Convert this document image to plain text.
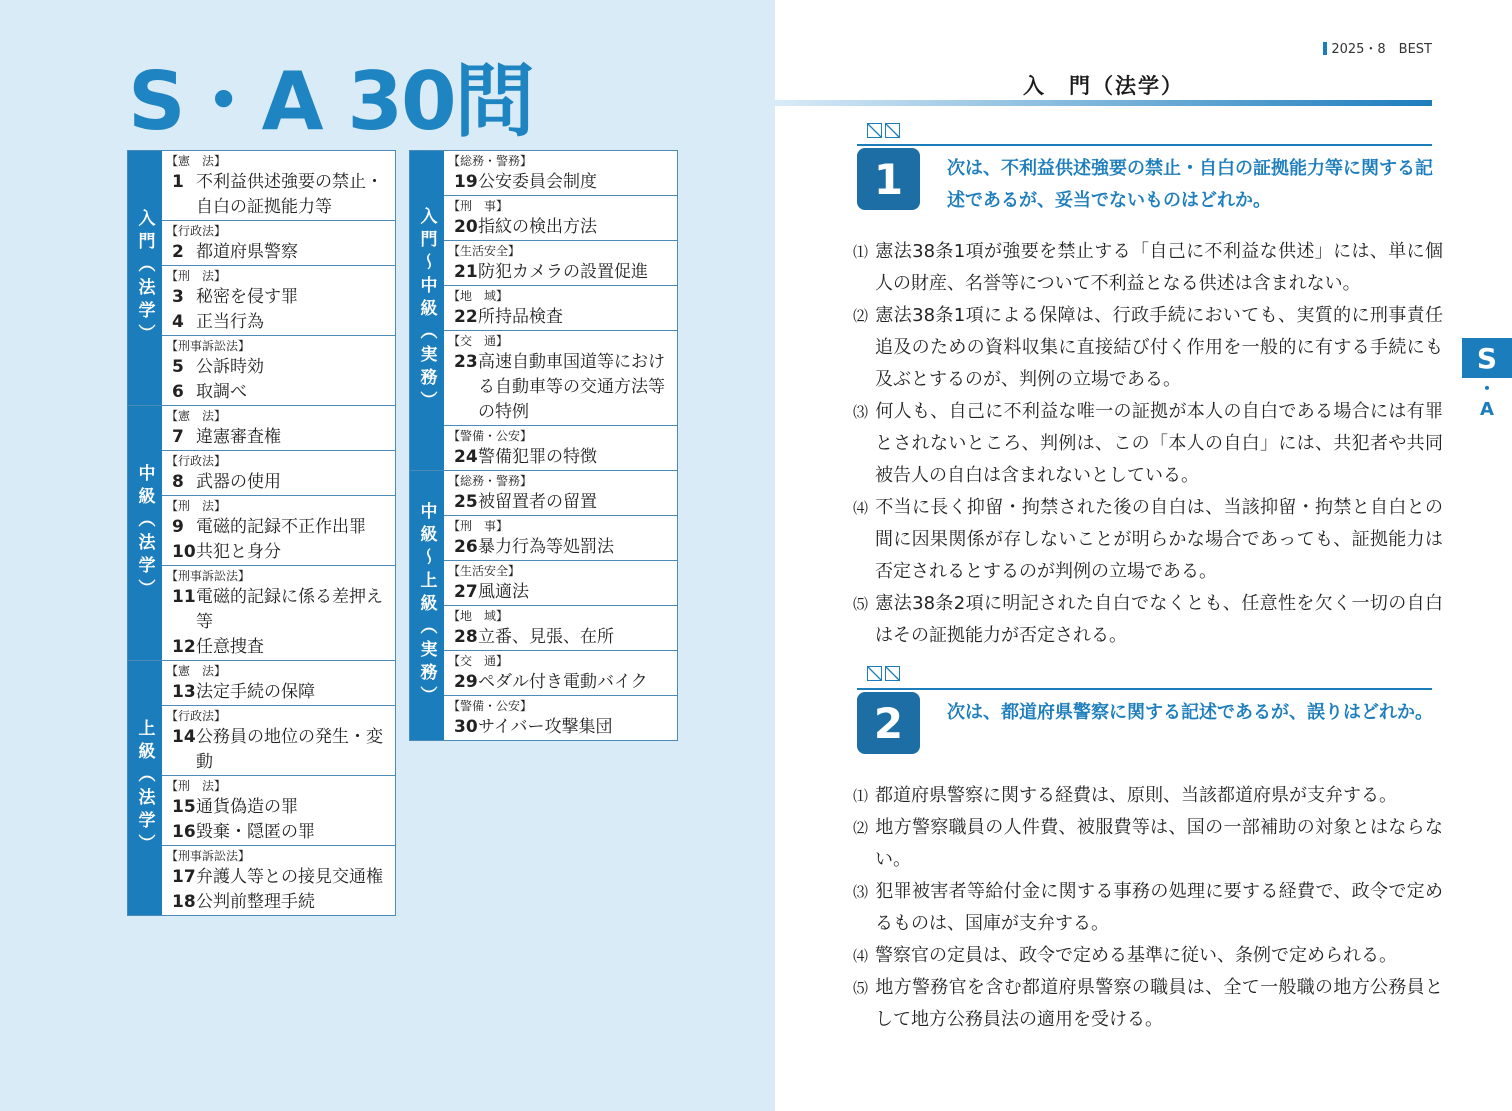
S・A 30問
入門（法学）
【憲　法】
1 不利益供述強要の禁止・自白の証拠能力等
【行政法】
2 都道府県警察
【刑　法】
3 秘密を侵す罪
4 正当行為
【刑事訴訟法】
5 公訴時効
6 取調べ
中級（法学）
【憲　法】
7 違憲審査権
【行政法】
8 武器の使用
【刑　法】
9 電磁的記録不正作出罪
10 共犯と身分
【刑事訴訟法】
11 電磁的記録に係る差押え等
12 任意捜査
上級（法学）
【憲　法】
13 法定手続の保障
【行政法】
14 公務員の地位の発生・変動
【刑　法】
15 通貨偽造の罪
16 毀棄・隠匿の罪
【刑事訴訟法】
17 弁護人等との接見交通権
18 公判前整理手続
入門〜中級（実務）
【総務・警務】
19 公安委員会制度
【刑　事】
20 指紋の検出方法
【生活安全】
21 防犯カメラの設置促進
【地　域】
22 所持品検査
【交　通】
23 高速自動車国道等における自動車等の交通方法等の特例
【警備・公安】
24 警備犯罪の特徴
中級〜上級（実務）
【総務・警務】
25 被留置者の留置
【刑　事】
26 暴力行為等処罰法
【生活安全】
27 風適法
【地　域】
28 立番、見張、在所
【交　通】
29 ペダル付き電動バイク
【警備・公安】
30 サイバー攻撃集団
2025・8　BEST
入　門（法学）
1	次は、不利益供述強要の禁止・自白の証拠能力等に関する記述であるが、妥当でないものはどれか。
⑴ 憲法38条1項が強要を禁止する「自己に不利益な供述」には、単に個人の財産、名誉等について不利益となる供述は含まれない。
⑵ 憲法38条1項による保障は、行政手続においても、実質的に刑事責任追及のための資料収集に直接結び付く作用を一般的に有する手続にも及ぶとするのが、判例の立場である。
⑶ 何人も、自己に不利益な唯一の証拠が本人の自白である場合には有罪とされないところ、判例は、この「本人の自白」には、共犯者や共同被告人の自白は含まれないとしている。
⑷ 不当に長く抑留・拘禁された後の自白は、当該抑留・拘禁と自白との間に因果関係が存しないことが明らかな場合であっても、証拠能力は否定されるとするのが判例の立場である。
⑸ 憲法38条2項に明記された自白でなくとも、任意性を欠く一切の自白はその証拠能力が否定される。
2	次は、都道府県警察に関する記述であるが、誤りはどれか。
⑴ 都道府県警察に関する経費は、原則、当該都道府県が支弁する。
⑵ 地方警察職員の人件費、被服費等は、国の一部補助の対象とはならない。
⑶ 犯罪被害者等給付金に関する事務の処理に要する経費で、政令で定めるものは、国庫が支弁する。
⑷ 警察官の定員は、政令で定める基準に従い、条例で定められる。
⑸ 地方警務官を含む都道府県警察の職員は、全て一般職の地方公務員として地方公務員法の適用を受ける。
S
・
A
